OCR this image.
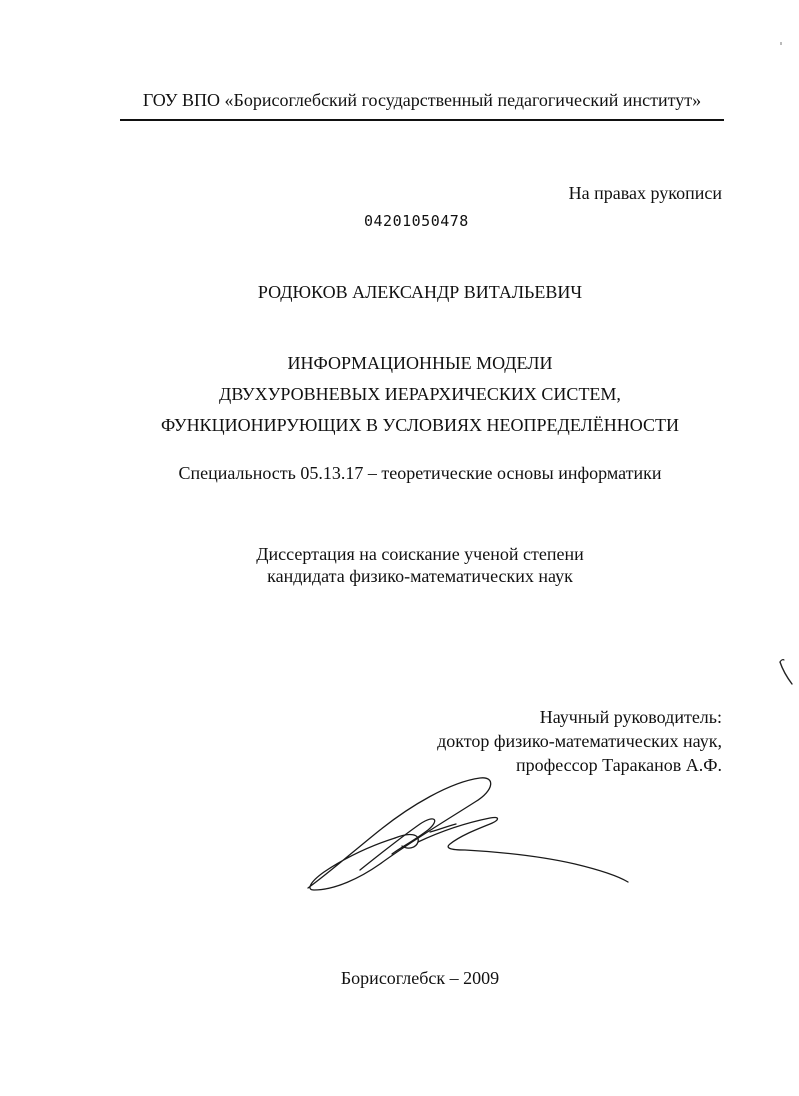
ГОУ ВПО «Борисоглебский государственный педагогический институт»
На правах рукописи
04201050478
РОДЮКОВ АЛЕКСАНДР ВИТАЛЬЕВИЧ
ИНФОРМАЦИОННЫЕ МОДЕЛИ
ДВУХУРОВНЕВЫХ ИЕРАРХИЧЕСКИХ СИСТЕМ,
ФУНКЦИОНИРУЮЩИХ В УСЛОВИЯХ НЕОПРЕДЕЛЁННОСТИ
Специальность 05.13.17 – теоретические основы информатики
Диссертация на соискание ученой степени
кандидата физико-математических наук
Научный руководитель:
доктор физико-математических наук,
профессор Тараканов А.Ф.
Борисоглебск – 2009
